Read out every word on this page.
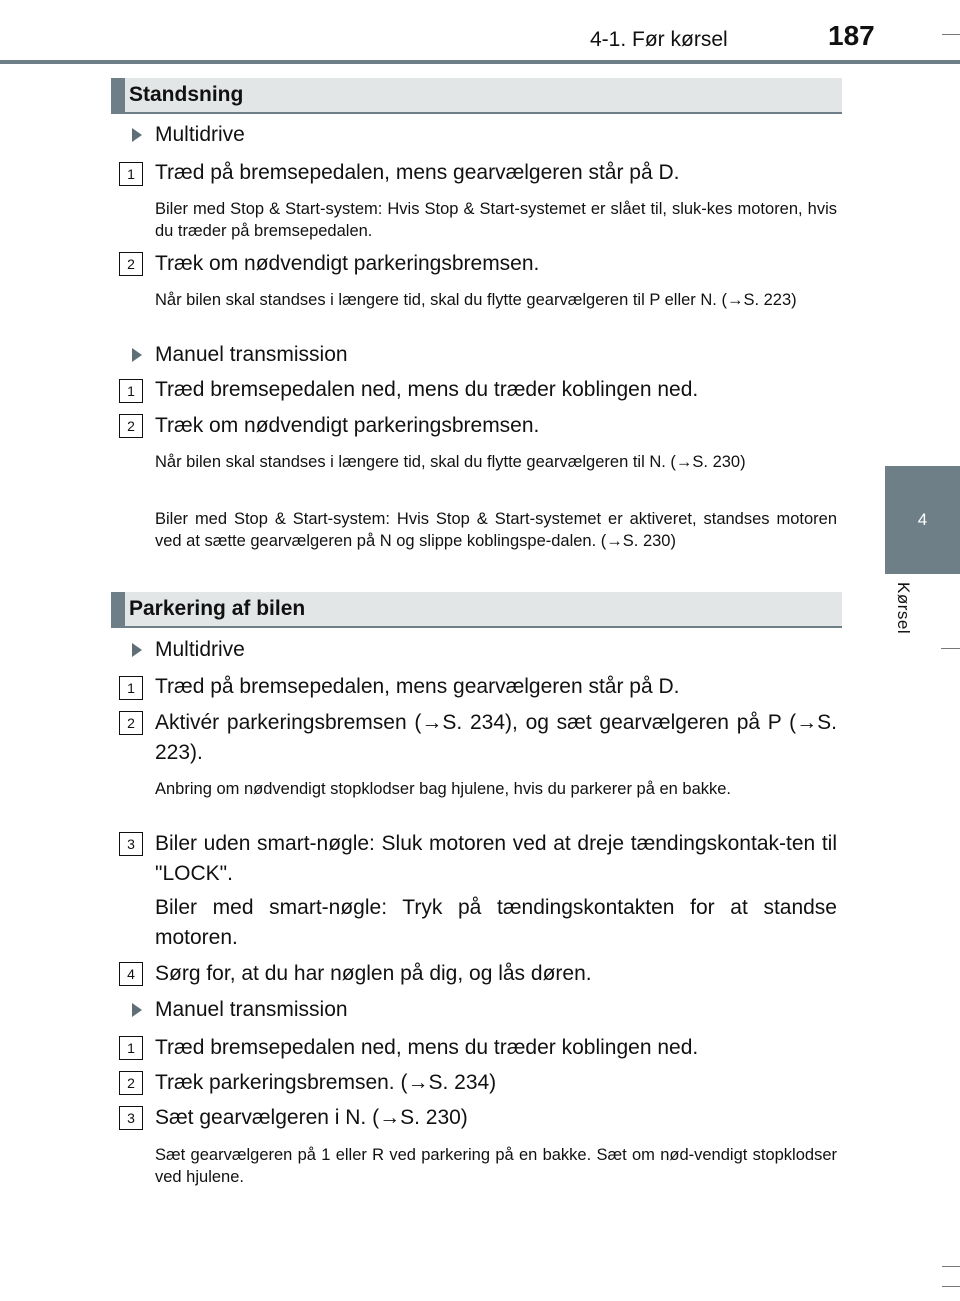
4-1. Før kørsel	187
4
Kørsel
Standsning
Multidrive
1 Træd på bremsepedalen, mens gearvælgeren står på D.
Biler med Stop & Start-system: Hvis Stop & Start-systemet er slået til, sluk-kes motoren, hvis du træder på bremsepedalen.
2 Træk om nødvendigt parkeringsbremsen.
Når bilen skal standses i længere tid, skal du flytte gearvælgeren til P eller N. (→S. 223)
Manuel transmission
1 Træd bremsepedalen ned, mens du træder koblingen ned.
2 Træk om nødvendigt parkeringsbremsen.
Når bilen skal standses i længere tid, skal du flytte gearvælgeren til N. (→S. 230)
Biler med Stop & Start-system: Hvis Stop & Start-systemet er aktiveret, standses motoren ved at sætte gearvælgeren på N og slippe koblingspe-dalen. (→S. 230)
Parkering af bilen
Multidrive
1 Træd på bremsepedalen, mens gearvælgeren står på D.
2 Aktivér parkeringsbremsen (→S. 234), og sæt gearvælgeren på P (→S. 223).
Anbring om nødvendigt stopklodser bag hjulene, hvis du parkerer på en bakke.
3 Biler uden smart-nøgle: Sluk motoren ved at dreje tændingskontak-ten til "LOCK".
Biler med smart-nøgle: Tryk på tændingskontakten for at standse motoren.
4 Sørg for, at du har nøglen på dig, og lås døren.
Manuel transmission
1 Træd bremsepedalen ned, mens du træder koblingen ned.
2 Træk parkeringsbremsen. (→S. 234)
3 Sæt gearvælgeren i N. (→S. 230)
Sæt gearvælgeren på 1 eller R ved parkering på en bakke. Sæt om nød-vendigt stopklodser ved hjulene.
